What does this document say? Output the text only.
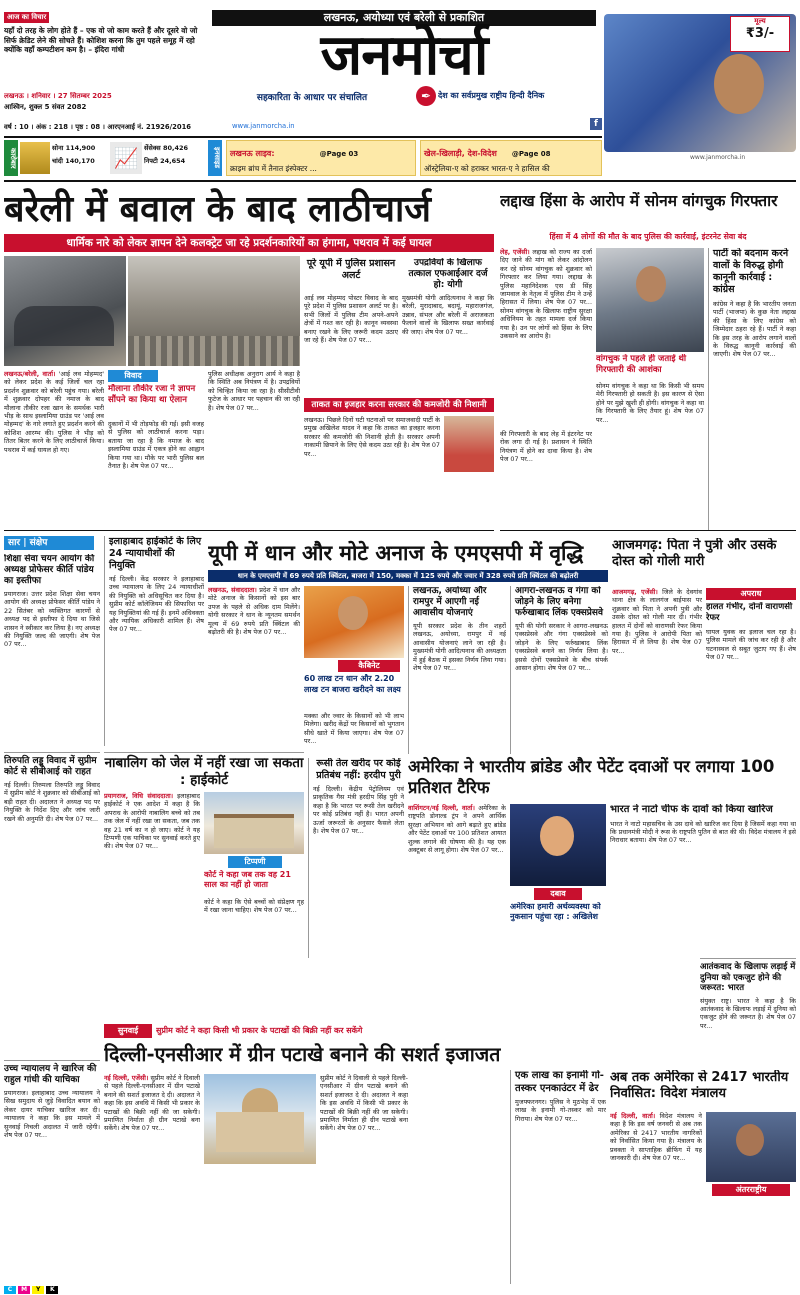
आज का विचार
यहाँ दो तरह के लोग होते हैं – एक वो जो काम करते हैं और दूसरे वो जो सिर्फ क्रेडिट लेने की सोचते हैं। कोशिश करना कि तुम पहले समूह में रहो क्योंकि वहाँ कम्पटीशन कम है। – इंदिरा गांधी
लखनऊ, अयोध्या एवं बरेली से प्रकाशित
जनमोर्चा
लखनऊ । शनिवार । 27 सितम्बर 2025
आश्विन, शुक्ल 5 संवत 2082
सहकारिता के आधार पर संचालित	✒ देश का सर्वप्रमुख राष्ट्रीय हिन्दी दैनिक
वर्ष : 10 । अंक : 218 । पृष्ठ : 08 । आरएनआई नं. 21926/2016	www.janmorcha.in	f
मूल्य
₹3/-
कारोबार	सोना 114,900
चांदी 140,170 📈 सेंसेक्स 80,426
निफ्टी 24,654	इनसाइड	लखनऊ लाइव:	@Page 03
क्राइम ब्रांच में तैनात इंस्पेक्टर ...
खेल-खिलाड़ी, देश-विदेश @Page 08
ऑस्ट्रेलिया-ए को हराकर भारत-ए ने हासिल की
www.janmorcha.in
बरेली में बवाल के बाद लाठीचार्ज
धार्मिक नारे को लेकर ज्ञापन देने कलक्ट्रेट जा रहे प्रदर्शनकारियों का हंगामा, पथराव में कई घायल
लखनऊ/बरेली, वार्ता। 'आई लव मोहम्मद' को लेकर प्रदेश के कई जिलों चल रहा प्रदर्शन शुक्रवार को बरेली पहुंच गया। बरेली में शुक्रवार दोपहर की नमाज के बाद मौलाना तौकीर रजा खान के समर्थक भारी भीड़ के साथ इस्लामिया ग्राउंड पर 'आई लव मोहम्मद' के नारे लगाते हुए प्रदर्शन करने की कोशिश आरम्भ की। पुलिस ने भीड़ को तितर बितर करने के लिए लाठीचार्ज किया। पथराव में कई घायल हो गए।
विवाद
मौलाना तौकीर रजा ने ज्ञापन सौंपने का किया था ऐलान
दुकानों में भी तोड़फोड़ की गई। इसी वजह से पुलिस को लाठीचार्ज करना पड़ा। बताया जा रहा है कि नमाज के बाद इस्लामिया ग्राउंड में एकत्र होने का आह्वान किया गया था। मौके पर भारी पुलिस बल तैनात है। शेष पेज 07 पर...
पुलिस अधीक्षक अनुराग आर्य ने कहा है कि स्थिति अब नियंत्रण में है। उपद्रवियों को चिन्हित किया जा रहा है। सीसीटीवी फुटेज के आधार पर पहचान की जा रही है। शेष पेज 07 पर...
पूरे यूपी में पुलिस प्रशासन अलर्ट
आई लव मोहम्मद पोस्टर विवाद के बाद पूरे प्रदेश में पुलिस प्रशासन अलर्ट पर है। सभी जिलों में पुलिस टीम अपने-अपने क्षेत्रों में गश्त कर रही है। कानून व्यवस्था बनाए रखने के लिए जरूरी कदम उठाए जा रहे हैं। शेष पेज 07 पर...
उपद्रवियों के खिलाफ तत्काल एफआईआर दर्ज हो: योगी
मुख्यमंत्री योगी आदित्यनाथ ने कहा कि बरेली, मुरादाबाद, बदायूं, महाराजगंज, उन्नाव, संभल और बरेली में अराजकता फैलाने वालों के खिलाफ सख्त कार्रवाई की जाए। शेष पेज 07 पर...
ताकत का इजहार करना सरकार की कमजोरी की निशानी
लखनऊ। पिछले दिनों घटी घटनाओं पर समाजवादी पार्टी के प्रमुख अखिलेश यादव ने कहा कि ताकत का इजहार करना सरकार की कमजोरी की निशानी होती है। सरकार अपनी नाकामी छिपाने के लिए ऐसे कदम उठा रही है। शेष पेज 07 पर...
लद्दाख हिंसा के आरोप में सोनम वांगचुक गिरफ्तार
हिंसा में 4 लोगों की मौत के बाद पुलिस की कार्रवाई, इंटरनेट सेवा बंद
लेह, एजेंसी। लद्दाख को राज्य का दर्जा दिए जाने की मांग को लेकर आंदोलन कर रहे सोनम वांगचुक को शुक्रवार को गिरफ्तार कर लिया गया। लद्दाख के पुलिस महानिदेशक एस डी सिंह जामवाल के नेतृत्व में पुलिस टीम ने उन्हें हिरासत में लिया। शेष पेज 07 पर... सोनम वांगचुक के खिलाफ राष्ट्रीय सुरक्षा अधिनियम के तहत मामला दर्ज किया गया है। उन पर लोगों को हिंसा के लिए उकसाने का आरोप है।
वांगचुक ने पहले ही जताई थी गिरफ्तारी की आशंका
सोनम वांगचुक ने कहा था कि किसी भी समय मेरी गिरफ्तारी हो सकती है। इस कारण से ऐसा होने पर मुझे खुशी ही होगी। वांगचुक ने कहा था कि गिरफ्तारी के लिए तैयार हूं। शेष पेज 07 पर...
की गिरफ्तारी के बाद लेह में इंटरनेट पर रोक लगा दी गई है। प्रशासन ने स्थिति नियंत्रण में होने का दावा किया है। शेष पेज 07 पर...
पार्टी को बदनाम करने वालों के विरुद्ध होगी कानूनी कार्रवाई : कांग्रेस
कांग्रेस ने कहा है कि भारतीय जनता पार्टी (भाजपा) के कुछ नेता लद्दाख की हिंसा के लिए कांग्रेस को जिम्मेदार ठहरा रहे हैं। पार्टी ने कहा कि इस तरह के आरोप लगाने वालों के विरुद्ध कानूनी कार्रवाई की जाएगी। शेष पेज 07 पर...
सार | संक्षेप
शिक्षा सेवा चयन आयोग की अध्यक्ष प्रोफेसर कीर्ति पांडेय का इस्तीफा
प्रयागराज। उत्तर प्रदेश शिक्षा सेवा चयन आयोग की अध्यक्ष प्रोफेसर कीर्ति पांडेय ने 22 सितंबर को व्यक्तिगत कारणों से अध्यक्ष पद से इस्तीफा दे दिया था जिसे शासन ने स्वीकार कर लिया है। नए अध्यक्ष की नियुक्ति जल्द की जाएगी। शेष पेज 07 पर...
तिरुपति लड्डू विवाद में सुप्रीम कोर्ट से सीबीआई को राहत
नई दिल्ली। तिरुमला तिरुपति लड्डू विवाद में सुप्रीम कोर्ट ने शुक्रवार को सीबीआई को बड़ी राहत दी। अदालत ने अध्यक्ष पद पर नियुक्ति के निर्देश दिए और जांच जारी रखने की अनुमति दी। शेष पेज 07 पर...
उच्च न्यायालय ने खारिज की राहुल गांधी की याचिका
प्रयागराज। इलाहाबाद उच्च न्यायालय ने सिख समुदाय से जुड़े विवादित बयान को लेकर दायर याचिका खारिज कर दी। न्यायालय ने कहा कि इस मामले में सुनवाई निचली अदालत में जारी रहेगी। शेष पेज 07 पर...
इलाहाबाद हाईकोर्ट के लिए 24 न्यायाधीशों की नियुक्ति
नई दिल्ली। केंद्र सरकार ने इलाहाबाद उच्च न्यायालय के लिए 24 न्यायाधीशों की नियुक्ति को अधिसूचित कर दिया है। सुप्रीम कोर्ट कॉलेजियम की सिफारिश पर यह नियुक्तियां की गई हैं। इनमें अधिवक्ता और न्यायिक अधिकारी शामिल हैं। शेष पेज 07 पर...
यूपी में धान और मोटे अनाज के एमएसपी में वृद्धि
धान के एमएसपी में 69 रुपये प्रति क्विंटल, बाजरा में 150, मक्का में 125 रुपये और ज्वार में 328 रुपये प्रति क्विंटल की बढ़ोतरी
लखनऊ, संवाददाता। प्रदेश में धान और मोटे अनाज के किसानों को इस बार उपज के पहले से अधिक दाम मिलेंगे। योगी सरकार ने धान के न्यूनतम समर्थन मूल्य में 69 रुपये प्रति क्विंटल की बढ़ोतरी की है। शेष पेज 07 पर...
कैबिनेट
60 लाख टन धान और 2.20 लाख टन बाजरा खरीदने का लक्ष्य
मक्का और ज्वार के किसानों को भी लाभ मिलेगा। खरीद केंद्रों पर किसानों को भुगतान सीधे खाते में किया जाएगा। शेष पेज 07 पर...
लखनऊ, अयोध्या और रामपुर में आएगी नई आवासीय योजनाएं
यूपी सरकार प्रदेश के तीन शहरों लखनऊ, अयोध्या, रामपुर में नई आवासीय योजनाएं लाने जा रही है। मुख्यमंत्री योगी आदित्यनाथ की अध्यक्षता में हुई बैठक में इसका निर्णय लिया गया। शेष पेज 07 पर...
आगरा-लखनऊ व गंगा को जोड़ने के लिए बनेगा फर्रुखाबाद लिंक एक्सप्रेसवे
यूपी की योगी सरकार ने आगरा-लखनऊ एक्सप्रेसवे और गंगा एक्सप्रेसवे को जोड़ने के लिए फर्रुखाबाद लिंक एक्सप्रेसवे बनाने का निर्णय लिया है। इससे दोनों एक्सप्रेसवे के बीच संपर्क आसान होगा। शेष पेज 07 पर...
आजमगढ़: पिता ने पुत्री और उसके दोस्त को गोली मारी
आजमगढ़, एजेंसी। जिले के देवगांव थाना क्षेत्र के लालगंज बाईपास पर शुक्रवार को पिता ने अपनी पुत्री और उसके दोस्त को गोली मार दी। गंभीर हालत में दोनों को वाराणसी रेफर किया गया है। पुलिस ने आरोपी पिता को हिरासत में ले लिया है। शेष पेज 07 पर...
अपराध
हालत गंभीर, दोनों वाराणसी रेफर
घायल युवक का इलाज चल रहा है। पुलिस मामले की जांच कर रही है और घटनास्थल से सबूत जुटाए गए हैं। शेष पेज 07 पर...
नाबालिग को जेल में नहीं रखा जा सकता : हाईकोर्ट
प्रयागराज, विधि संवाददाता। इलाहाबाद हाईकोर्ट ने एक आदेश में कहा है कि अपराध के आरोपी नाबालिग बच्चे को तब तक जेल में नहीं रखा जा सकता, जब तक वह 21 वर्ष का न हो जाए। कोर्ट ने यह टिप्पणी एक याचिका पर सुनवाई करते हुए की। शेष पेज 07 पर...
टिप्पणी
कोर्ट ने कहा जब तक वह 21 साल का नहीं हो जाता
कोर्ट ने कहा कि ऐसे बच्चों को संप्रेक्षण गृह में रखा जाना चाहिए। शेष पेज 07 पर...
रूसी तेल खरीद पर कोई प्रतिबंध नहीं: हरदीप पुरी
नई दिल्ली। केंद्रीय पेट्रोलियम एवं प्राकृतिक गैस मंत्री हरदीप सिंह पुरी ने कहा है कि भारत पर रूसी तेल खरीदने पर कोई प्रतिबंध नहीं है। भारत अपनी ऊर्जा जरूरतों के अनुसार फैसले लेता है। शेष पेज 07 पर...
अमेरिका ने भारतीय ब्रांडेड और पेटेंट दवाओं पर लगाया 100 प्रतिशत टैरिफ
वाशिंगटन/नई दिल्ली, वार्ता। अमेरिका के राष्ट्रपति डोनाल्ड ट्रंप ने अपने आर्थिक सुरक्षा अभियान को आगे बढ़ाते हुए ब्रांडेड और पेटेंट दवाओं पर 100 प्रतिशत आयात शुल्क लगाने की घोषणा की है। यह एक अक्टूबर से लागू होगा। शेष पेज 07 पर...
दबाव
अमेरिका हमारी अर्थव्यवस्था को नुकसान पहुंचा रहा : अखिलेश
भारत ने नाटो चीफ के दावों को किया खारिज
भारत ने नाटो महासचिव के उस दावे को खारिज कर दिया है जिसमें कहा गया था कि प्रधानमंत्री मोदी ने रूस के राष्ट्रपति पुतिन से बात की थी। विदेश मंत्रालय ने इसे निराधार बताया। शेष पेज 07 पर...
आतंकवाद के खिलाफ लड़ाई में दुनिया को एकजुट होने की जरूरत: भारत
संयुक्त राष्ट्र। भारत ने कहा है कि आतंकवाद के खिलाफ लड़ाई में दुनिया को एकजुट होने की जरूरत है। शेष पेज 07 पर...
सुनवाई	सुप्रीम कोर्ट ने कहा किसी भी प्रकार के पटाखों की बिक्री नहीं कर सकेंगे
दिल्ली-एनसीआर में ग्रीन पटाखे बनाने की सशर्त इजाजत
नई दिल्ली, एजेंसी। सुप्रीम कोर्ट ने दिवाली से पहले दिल्ली-एनसीआर में ग्रीन पटाखे बनाने की सशर्त इजाजत दे दी। अदालत ने कहा कि इस अवधि में किसी भी प्रकार के पटाखों की बिक्री नहीं की जा सकेगी। प्रमाणित निर्माता ही ग्रीन पटाखे बना सकेंगे। शेष पेज 07 पर...
सुप्रीम कोर्ट ने दिवाली से पहले दिल्ली-एनसीआर में ग्रीन पटाखे बनाने की सशर्त इजाजत दे दी। अदालत ने कहा कि इस अवधि में किसी भी प्रकार के पटाखों की बिक्री नहीं की जा सकेगी। प्रमाणित निर्माता ही ग्रीन पटाखे बना सकेंगे। शेष पेज 07 पर...
एक लाख का इनामी गो-तस्कर एनकाउंटर में ढेर
मुजफ्फरनगर। पुलिस ने मुठभेड़ में एक लाख के इनामी गो-तस्कर को मार गिराया। शेष पेज 07 पर...
अब तक अमेरिका से 2417 भारतीय निर्वासित: विदेश मंत्रालय
नई दिल्ली, वार्ता। विदेश मंत्रालय ने कहा है कि इस वर्ष जनवरी से अब तक अमेरिका से 2417 भारतीय नागरिकों को निर्वासित किया गया है। मंत्रालय के प्रवक्ता ने साप्ताहिक ब्रीफिंग में यह जानकारी दी। शेष पेज 07 पर...
अंतरराष्ट्रीय
C M Y K
